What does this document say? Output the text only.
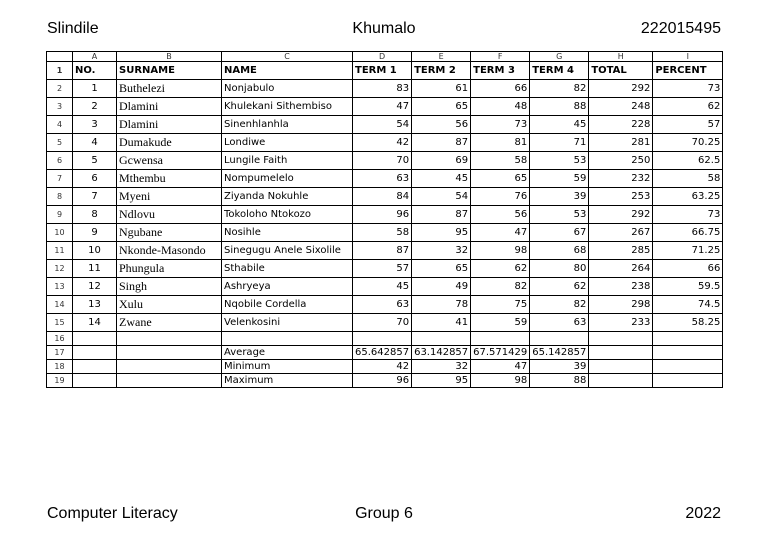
Slindile	Khumalo	222015495
	A	B	C	D	E	F	G	H	I
1	NO.	SURNAME	NAME	TERM 1	TERM 2	TERM 3	TERM 4	TOTAL	PERCENT
2	1	Buthelezi	Nonjabulo	83	61	66	82	292	73
3	2	Dlamini	Khulekani Sithembiso	47	65	48	88	248	62
4	3	Dlamini	Sinenhlanhla	54	56	73	45	228	57
5	4	Dumakude	Londiwe	42	87	81	71	281	70.25
6	5	Gcwensa	Lungile Faith	70	69	58	53	250	62.5
7	6	Mthembu	Nompumelelo	63	45	65	59	232	58
8	7	Myeni	Ziyanda Nokuhle	84	54	76	39	253	63.25
9	8	Ndlovu	Tokoloho Ntokozo	96	87	56	53	292	73
10	9	Ngubane	Nosihle	58	95	47	67	267	66.75
11	10	Nkonde-Masondo	Sinegugu Anele Sixolile	87	32	98	68	285	71.25
12	11	Phungula	Sthabile	57	65	62	80	264	66
13	12	Singh	Ashryeya	45	49	82	62	238	59.5
14	13	Xulu	Nqobile Cordella	63	78	75	82	298	74.5
15	14	Zwane	Velenkosini	70	41	59	63	233	58.25
16									
17			Average	65.642857	63.142857	67.571429	65.142857		
18			Minimum	42	32	47	39		
19			Maximum	96	95	98	88		
Computer Literacy	Group 6	2022
